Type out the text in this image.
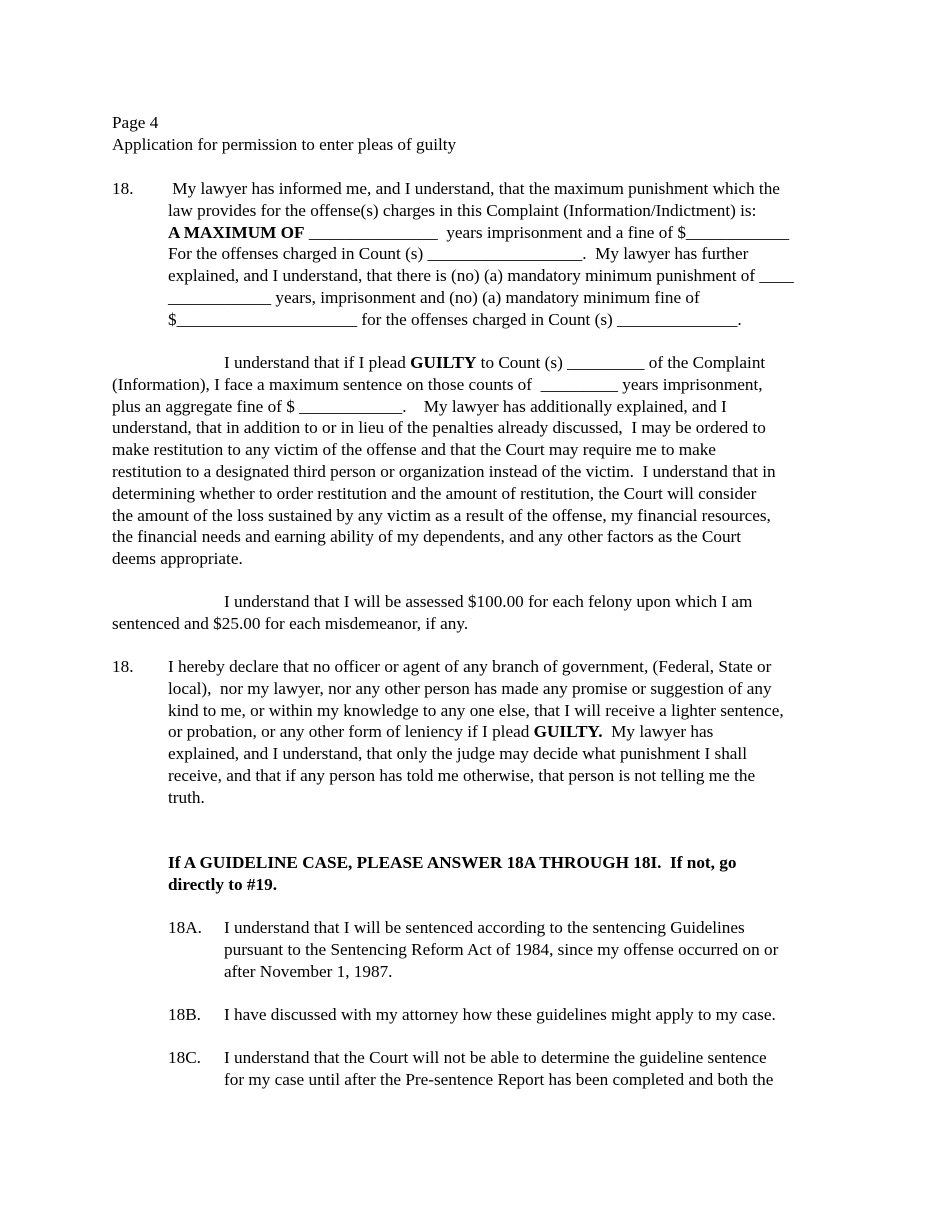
Page 4
Application for permission to enter pleas of guilty
18. My lawyer has informed me, and I understand, that the maximum punishment which the
law provides for the offense(s) charges in this Complaint (Information/Indictment) is:
A MAXIMUM OF _______________  years imprisonment and a fine of $____________
For the offenses charged in Count (s) __________________.  My lawyer has further
explained, and I understand, that there is (no) (a) mandatory minimum punishment of ____
____________ years, imprisonment and (no) (a) mandatory minimum fine of
$_____________________ for the offenses charged in Count (s) ______________.
I understand that if I plead GUILTY to Count (s) _________ of the Complaint
(Information), I face a maximum sentence on those counts of  _________ years imprisonment,
plus an aggregate fine of $ ____________.    My lawyer has additionally explained, and I
understand, that in addition to or in lieu of the penalties already discussed,  I may be ordered to
make restitution to any victim of the offense and that the Court may require me to make
restitution to a designated third person or organization instead of the victim.  I understand that in
determining whether to order restitution and the amount of restitution, the Court will consider
the amount of the loss sustained by any victim as a result of the offense, my financial resources,
the financial needs and earning ability of my dependents, and any other factors as the Court
deems appropriate.
I understand that I will be assessed $100.00 for each felony upon which I am
sentenced and $25.00 for each misdemeanor, if any.
18. I hereby declare that no officer or agent of any branch of government, (Federal, State or
local),  nor my lawyer, nor any other person has made any promise or suggestion of any
kind to me, or within my knowledge to any one else, that I will receive a lighter sentence,
or probation, or any other form of leniency if I plead GUILTY.  My lawyer has
explained, and I understand, that only the judge may decide what punishment I shall
receive, and that if any person has told me otherwise, that person is not telling me the
truth.
If A GUIDELINE CASE, PLEASE ANSWER 18A THROUGH 18I.  If not, go
directly to #19.
18A. I understand that I will be sentenced according to the sentencing Guidelines
pursuant to the Sentencing Reform Act of 1984, since my offense occurred on or
after November 1, 1987.
18B. I have discussed with my attorney how these guidelines might apply to my case.
18C. I understand that the Court will not be able to determine the guideline sentence
for my case until after the Pre-sentence Report has been completed and both the
